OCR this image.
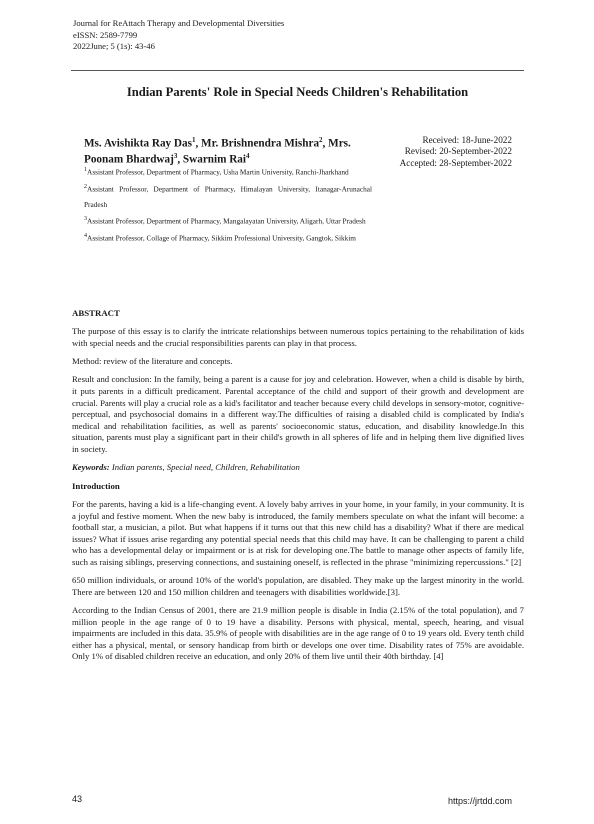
Journal for ReAttach Therapy and Developmental Diversities
eISSN: 2589-7799
2022June; 5 (1s): 43-46
Indian Parents' Role in Special Needs Children's Rehabilitation
Ms. Avishikta Ray Das$^1$, Mr. Brishnendra Mishra$^2$, Mrs. Poonam Bhardwaj$^3$, Swarnim Rai$^4$
$^1$Assistant Professor, Department of Pharmacy, Usha Martin University, Ranchi-Jharkhand
$^2$Assistant Professor, Department of Pharmacy, Himalayan University, Itanagar-Arunachal Pradesh
$^3$Assistant Professor, Department of Pharmacy, Mangalayatan University, Aligarh, Uttar Pradesh
$^4$Assistant Professor, Collage of Pharmacy, Sikkim Professional University, Gangtok, Sikkim
Received: 18-June-2022
Revised: 20-September-2022
Accepted: 28-September-2022
ABSTRACT

The purpose of this essay is to clarify the intricate relationships between numerous topics pertaining to the rehabilitation of kids with special needs and the crucial responsibilities parents can play in that process.

Method: review of the literature and concepts.

Result and conclusion: In the family, being a parent is a cause for joy and celebration. However, when a child is disable by birth, it puts parents in a difficult predicament. Parental acceptance of the child and support of their growth and development are crucial. Parents will play a crucial role as a kid's facilitator and teacher because every child develops in sensory-motor, cognitive-perceptual, and psychosocial domains in a different way.The difficulties of raising a disabled child is complicated by India's medical and rehabilitation facilities, as well as parents' socioeconomic status, education, and disability knowledge.In this situation, parents must play a significant part in their child's growth in all spheres of life and in helping them live dignified lives in society.

Keywords: Indian parents, Special need, Children, Rehabilitation
Introduction

For the parents, having a kid is a life-changing event. A lovely baby arrives in your home, in your family, in your community. It is a joyful and festive moment. When the new baby is introduced, the family members speculate on what the infant will become: a football star, a musician, a pilot. But what happens if it turns out that this new child has a disability? What if there are medical issues? What if issues arise regarding any potential special needs that this child may have. It can be challenging to parent a child who has a developmental delay or impairment or is at risk for developing one.The battle to manage other aspects of family life, such as raising siblings, preserving connections, and sustaining oneself, is reflected in the phrase "minimizing repercussions." [2]

650 million individuals, or around 10% of the world's population, are disabled. They make up the largest minority in the world. There are between 120 and 150 million children and teenagers with disabilities worldwide.[3].

According to the Indian Census of 2001, there are 21.9 million people is disable in India (2.15% of the total population), and 7 million people in the age range of 0 to 19 have a disability. Persons with physical, mental, speech, hearing, and visual impairments are included in this data. 35.9% of people with disabilities are in the age range of 0 to 19 years old. Every tenth child either has a physical, mental, or sensory handicap from birth or develops one over time. Disability rates of 75% are avoidable. Only 1% of disabled children receive an education, and only 20% of them live until their 40th birthday. [4]

43	https://jrtdd.com
